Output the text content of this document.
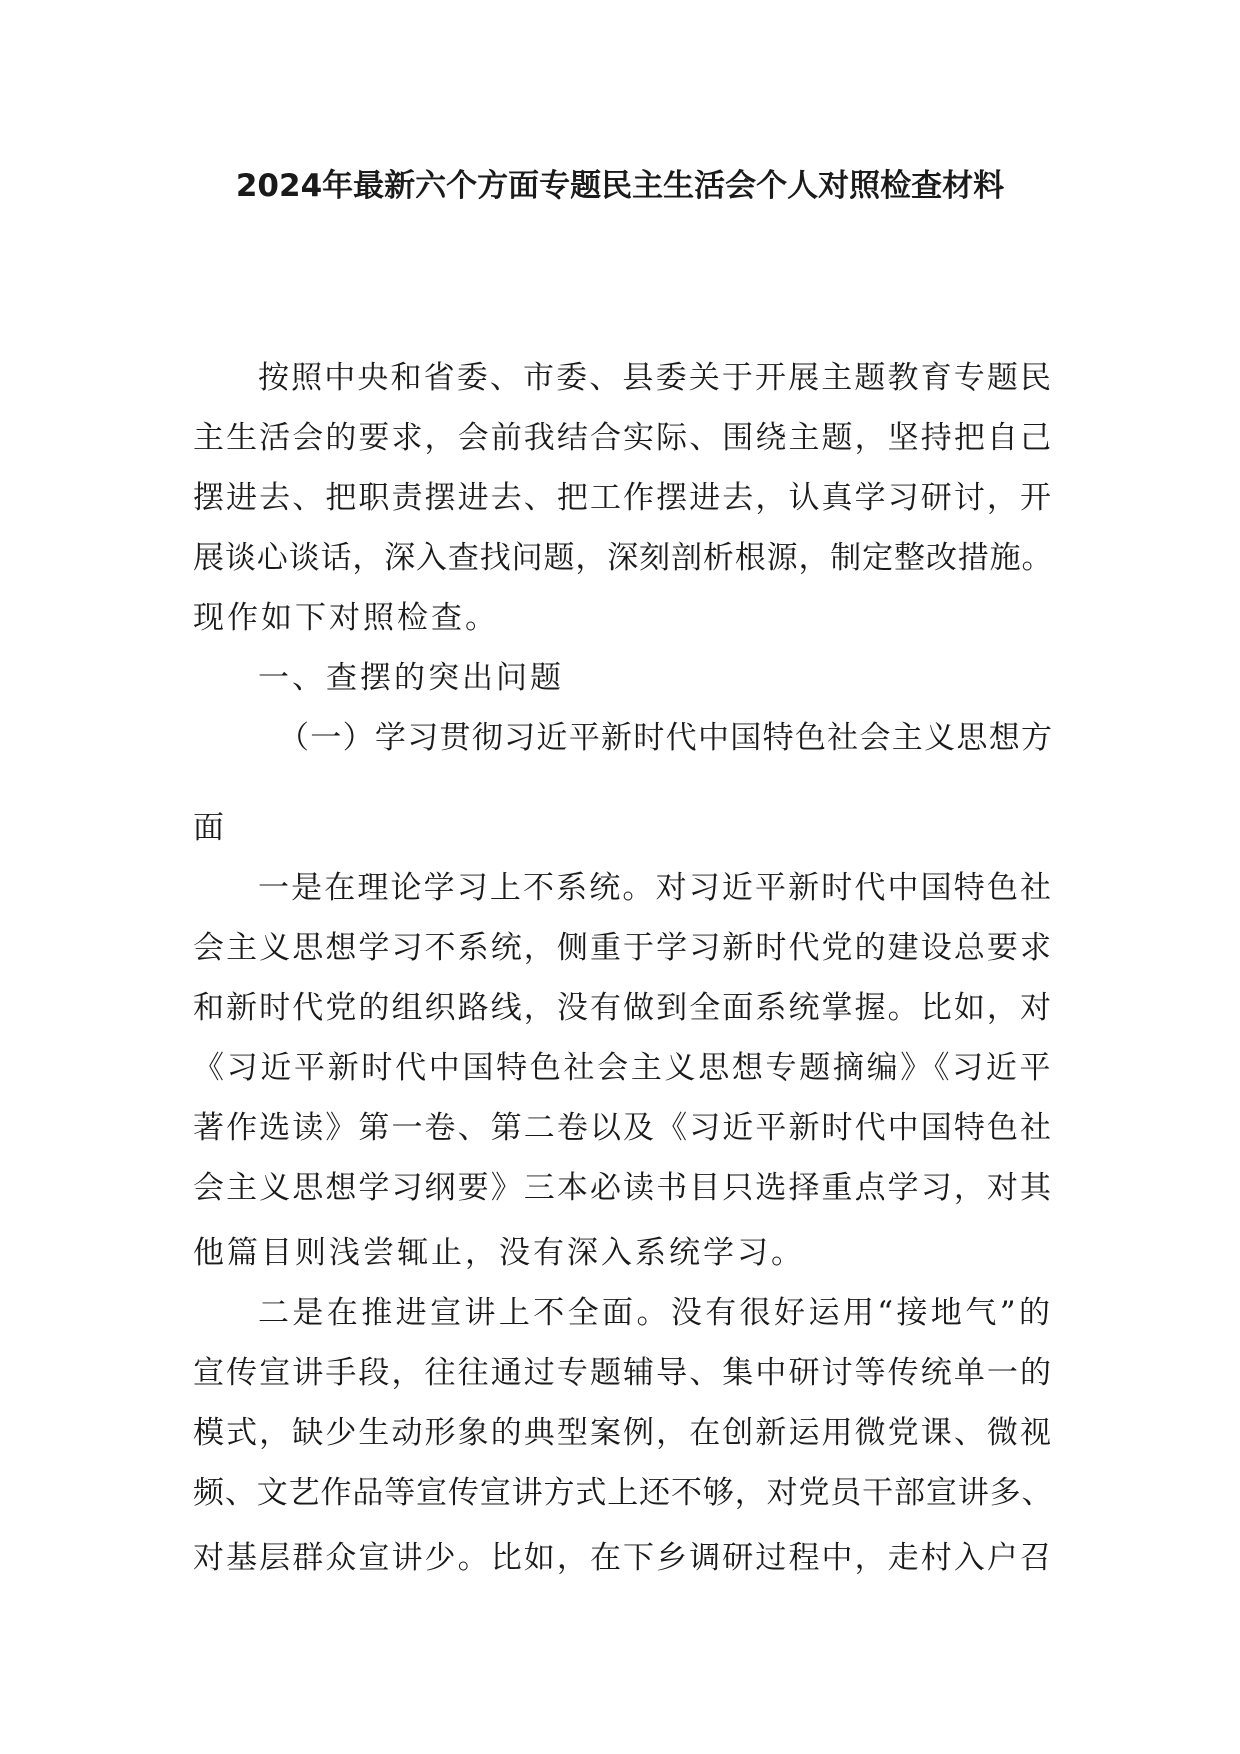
2024年最新六个方面专题民主生活会个人对照检查材料
按照中央和省委、市委、县委关于开展主题教育专题民
主生活会的要求，会前我结合实际、围绕主题，坚持把自己
摆进去、把职责摆进去、把工作摆进去，认真学习研讨，开
展谈心谈话，深入查找问题，深刻剖析根源，制定整改措施。
现作如下对照检查。
一、查摆的突出问题
（一）学习贯彻习近平新时代中国特色社会主义思想方
面
一是在理论学习上不系统。对习近平新时代中国特色社
会主义思想学习不系统，侧重于学习新时代党的建设总要求
和新时代党的组织路线，没有做到全面系统掌握。比如，对
《习近平新时代中国特色社会主义思想专题摘编》《习近平
著作选读》第一卷、第二卷以及《习近平新时代中国特色社
会主义思想学习纲要》三本必读书目只选择重点学习，对其
他篇目则浅尝辄止，没有深入系统学习。
二是在推进宣讲上不全面。没有很好运用“接地气”的
宣传宣讲手段，往往通过专题辅导、集中研讨等传统单一的
模式，缺少生动形象的典型案例，在创新运用微党课、微视
频、文艺作品等宣传宣讲方式上还不够，对党员干部宣讲多、
对基层群众宣讲少。比如，在下乡调研过程中，走村入户召
